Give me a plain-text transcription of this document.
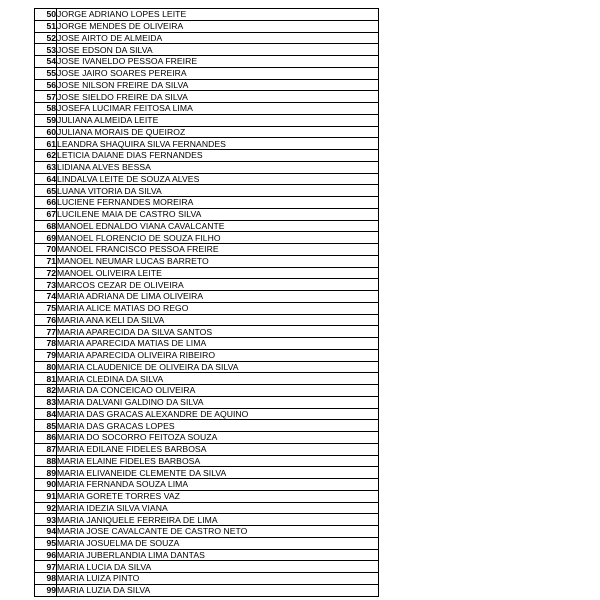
50	JORGE ADRIANO LOPES LEITE
51	JORGE MENDES DE OLIVEIRA
52	JOSE AIRTO DE ALMEIDA
53	JOSE EDSON DA SILVA
54	JOSE IVANELDO PESSOA FREIRE
55	JOSE JAIRO SOARES PEREIRA
56	JOSE NILSON FREIRE DA SILVA
57	JOSE SIELDO FREIRE DA SILVA
58	JOSEFA LUCIMAR FEITOSA LIMA
59	JULIANA ALMEIDA LEITE
60	JULIANA MORAIS DE QUEIROZ
61	LEANDRA SHAQUIRA SILVA FERNANDES
62	LETICIA DAIANE DIAS FERNANDES
63	LIDIANA ALVES BESSA
64	LINDALVA LEITE DE SOUZA ALVES
65	LUANA VITORIA DA SILVA
66	LUCIENE FERNANDES MOREIRA
67	LUCILENE MAIA DE CASTRO SILVA
68	MANOEL EDNALDO VIANA CAVALCANTE
69	MANOEL FLORENCIO DE SOUZA FILHO
70	MANOEL FRANCISCO PESSOA FREIRE
71	MANOEL NEUMAR LUCAS BARRETO
72	MANOEL OLIVEIRA LEITE
73	MARCOS CEZAR DE OLIVEIRA
74	MARIA ADRIANA DE LIMA OLIVEIRA
75	MARIA ALICE MATIAS DO REGO
76	MARIA ANA KELI DA SILVA
77	MARIA APARECIDA DA SILVA SANTOS
78	MARIA APARECIDA MATIAS DE LIMA
79	MARIA APARECIDA OLIVEIRA RIBEIRO
80	MARIA CLAUDENICE DE OLIVEIRA DA SILVA
81	MARIA CLEDINA DA SILVA
82	MARIA DA CONCEICAO OLIVEIRA
83	MARIA DALVANI GALDINO DA SILVA
84	MARIA DAS GRACAS ALEXANDRE DE AQUINO
85	MARIA DAS GRACAS LOPES
86	MARIA DO SOCORRO FEITOZA SOUZA
87	MARIA EDILANE FIDELES BARBOSA
88	MARIA ELAINE FIDELES BARBOSA
89	MARIA ELIVANEIDE CLEMENTE DA SILVA
90	MARIA FERNANDA SOUZA LIMA
91	MARIA GORETE TORRES VAZ
92	MARIA IDEZIA SILVA VIANA
93	MARIA JANIQUELE FERREIRA DE LIMA
94	MARIA JOSE CAVALCANTE DE CASTRO NETO
95	MARIA JOSUELMA DE SOUZA
96	MARIA JUBERLANDIA LIMA DANTAS
97	MARIA LUCIA DA SILVA
98	MARIA LUIZA PINTO
99	MARIA LUZIA DA SILVA
